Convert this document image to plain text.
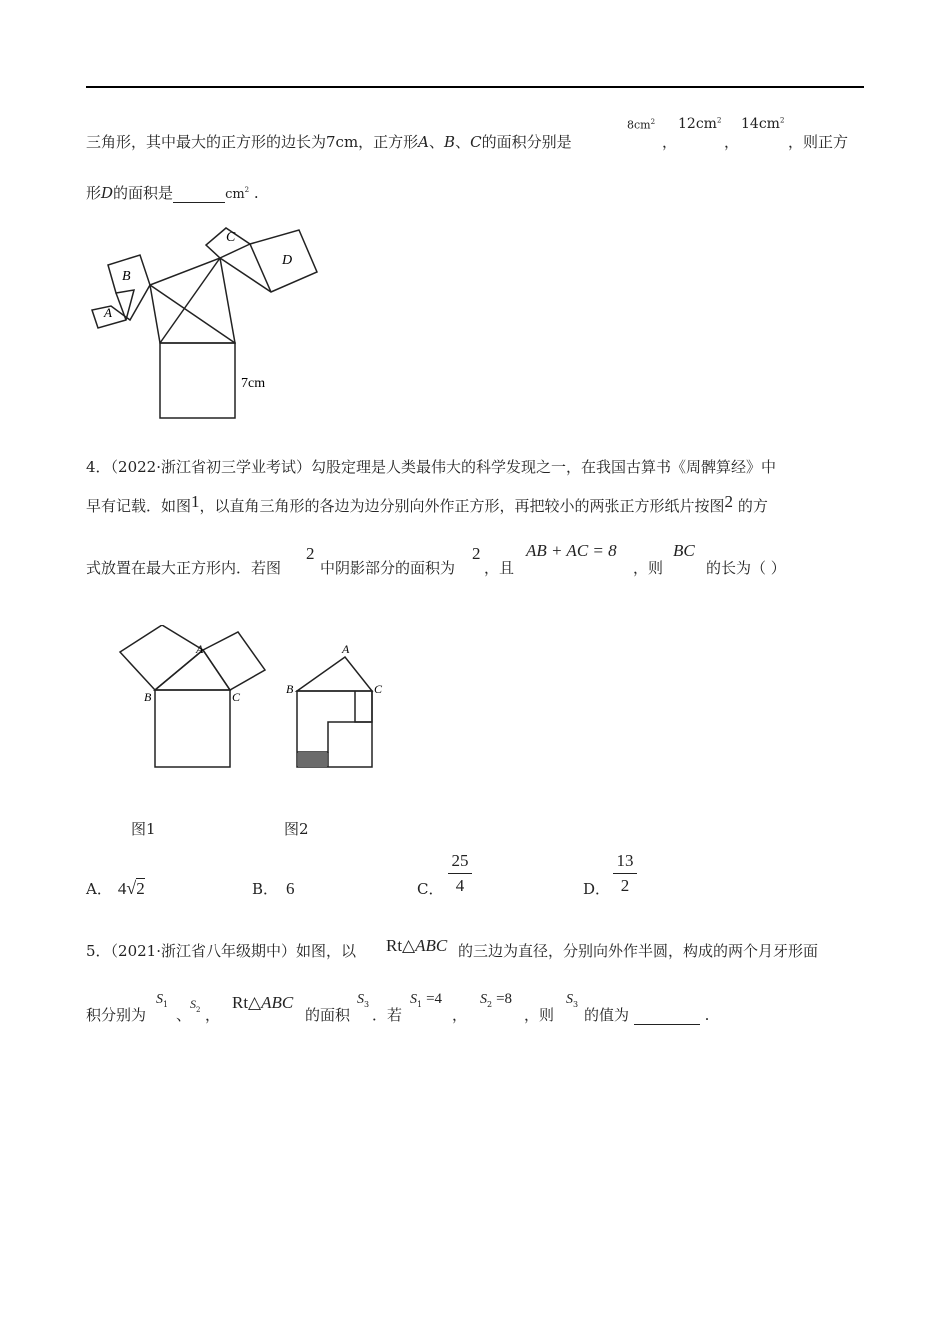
三角形，其中最大的正方形的边长为7cm，正方形A、B、C的面积分别是
$8cm^2$
，
$12cm^2$
，
$14cm^2$
，则正方
形D的面积是	$cm^2$ .
C
D
B
A
7cm
4．（2022·浙江省初三学业考试）勾股定理是人类最伟大的科学发现之一，在我国古算书《周髀算经》中
早有记载．如图1，以直角三角形的各边为边分别向外作正方形，再把较小的两张正方形纸片按图2 的方
式放置在最大正方形内．若图
2
中阴影部分的面积为
2
，且
AB + AC = 8
，则
BC
的长为（ ）
A
B	C
A
B	C
图1	图2
A． 4√2	B． 6	C．
25
4	D．
13
2
5．（2021·浙江省八年级期中）如图，以 Rt△ABC 的三边为直径，分别向外作半圆，构成的两个月牙形面
积分别为
$S_1$
、
$S_2$ ，
Rt△ABC
的面积
$S_3$
．若
$S_1 =4$
，
$S_2 =8$
，则
$S_3$
的值为	.
